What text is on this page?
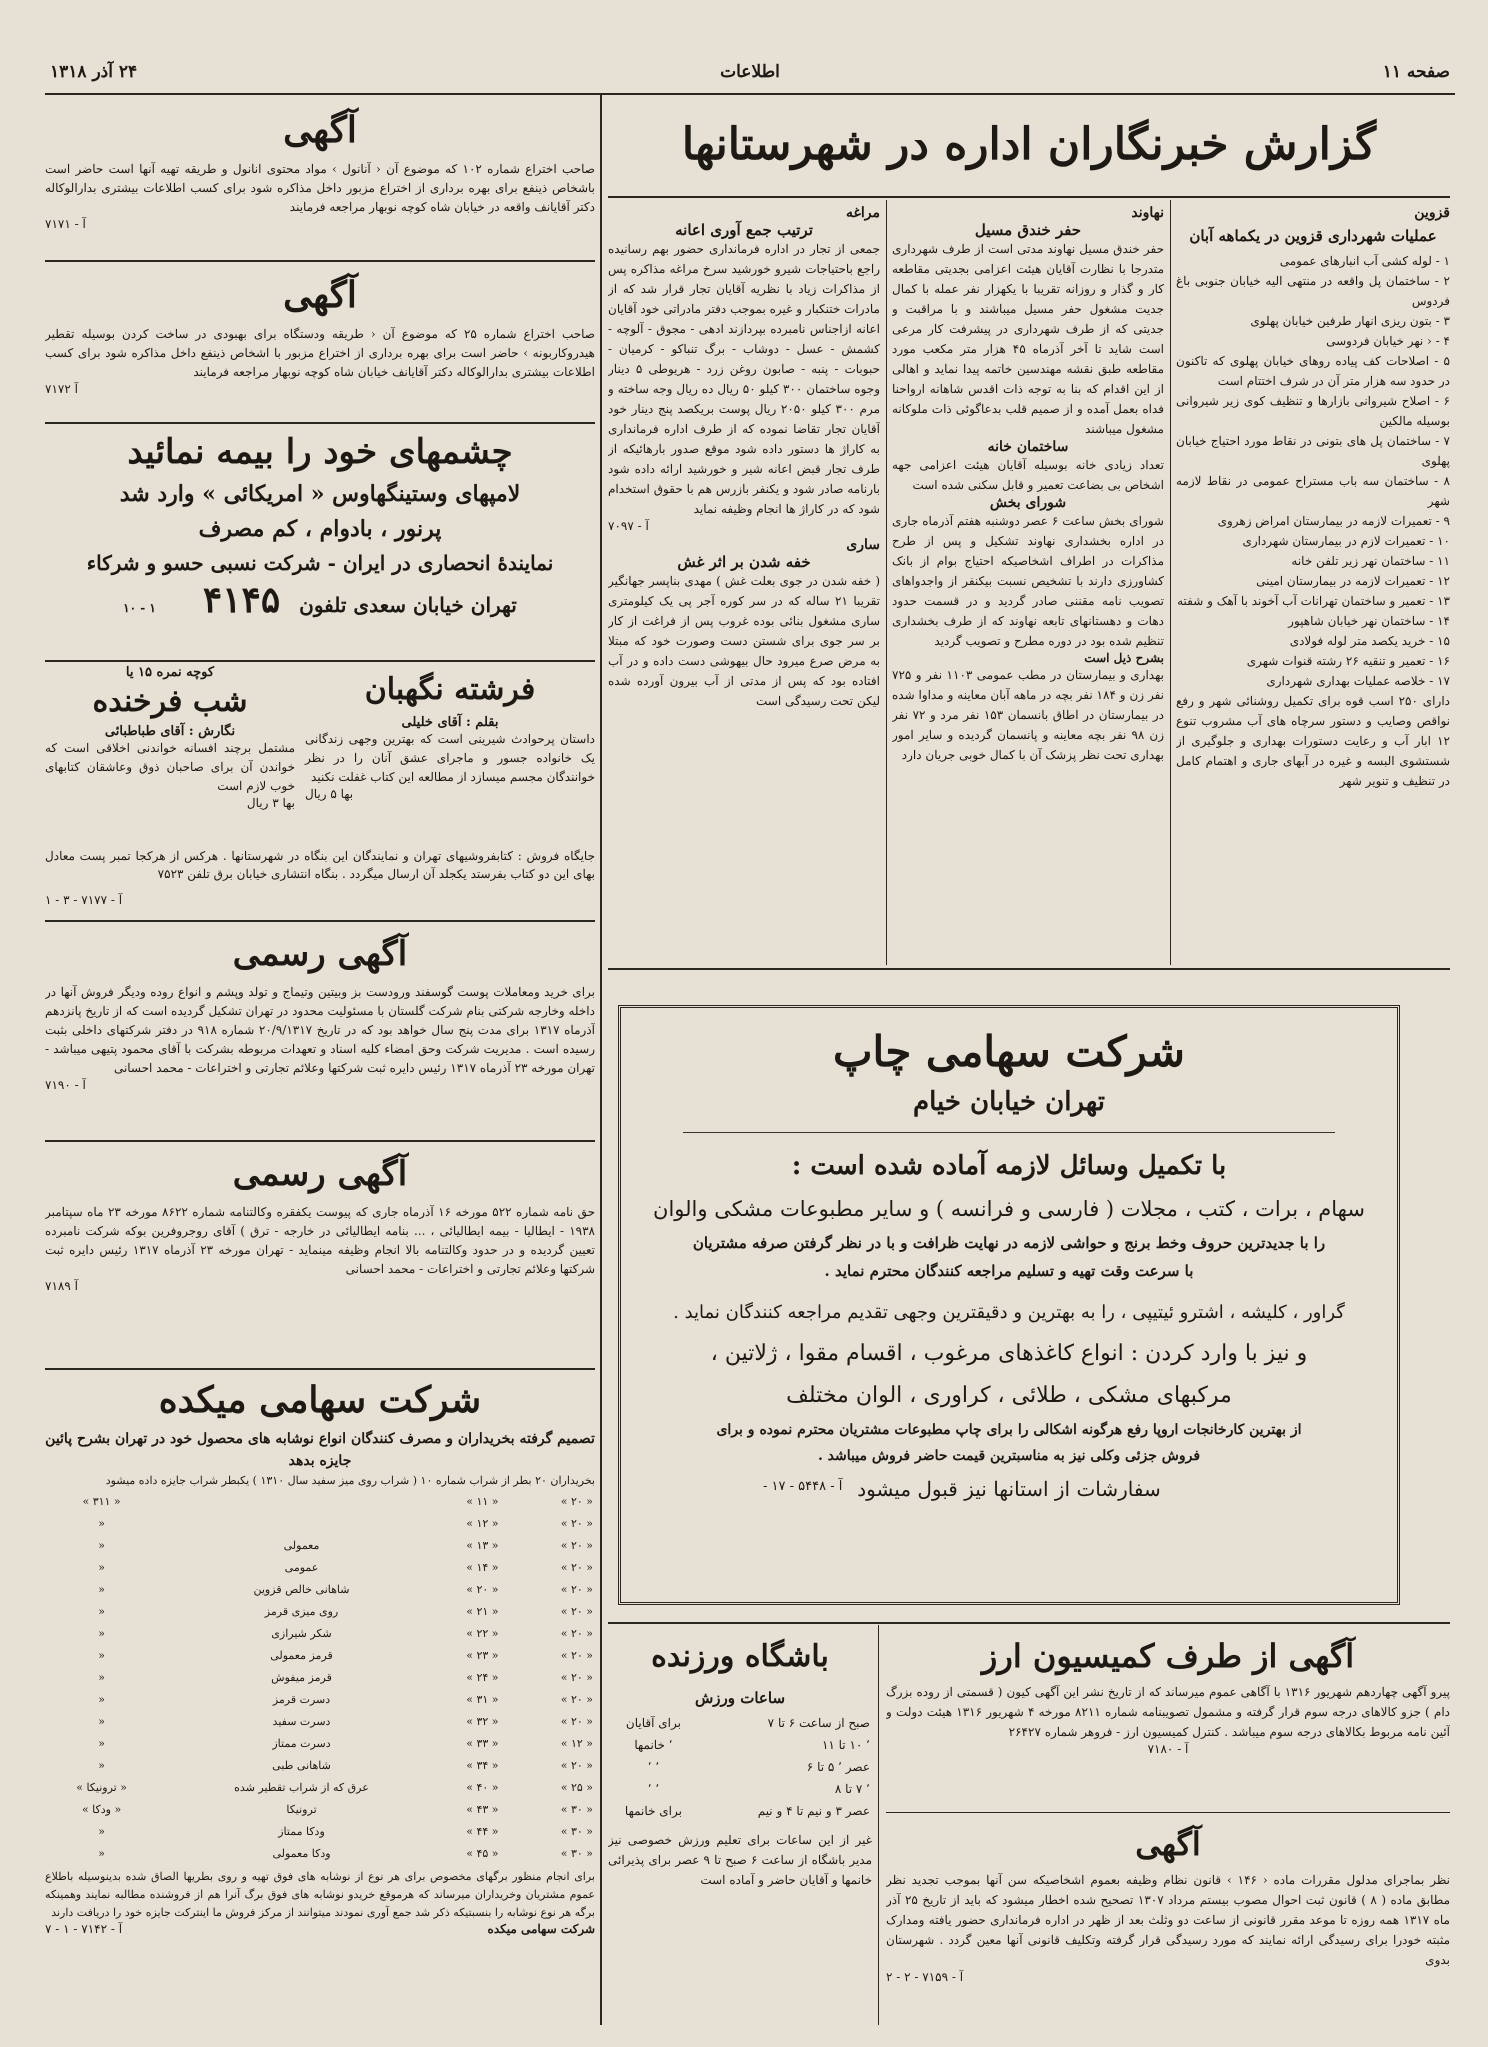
صفحه ۱۱
اطلاعات
۲۴ آذر ۱۳۱۸
گزارش خبرنگاران اداره در شهرستانها
قزوین
عملیات شهرداری قزوین در یکماهه آبان
۱ - لوله کشی آب انبارهای عمومی
۲ - ساختمان پل واقعه در منتهی الیه خیابان جنوبی باغ فردوس
۳ - بتون ریزی انهار طرفین خیابان پهلوی
۴ - ‹ نهر خیابان فردوسی
۵ - اصلاحات کف پیاده روهای خیابان پهلوی که تاکنون در حدود سه هزار متر آن در شرف اختتام است
۶ - اصلاح شیروانی بازارها و تنظیف کوی زیر شیروانی بوسیله مالکین
۷ - ساختمان پل های بتونی در نقاط مورد احتیاج خیابان پهلوی
۸ - ساختمان سه باب مستراح عمومی در نقاط لازمه شهر
۹ - تعمیرات لازمه در بیمارستان امراض زهروی
۱۰ - تعمیرات لازم در بیمارستان شهرداری
۱۱ - ساختمان نهر زیر تلفن خانه
۱۲ - تعمیرات لازمه در بیمارستان امینی
۱۳ - تعمیر و ساختمان تهرانات آب آخوند با آهک و شفته
۱۴ - ساختمان نهر خیابان شاهپور
۱۵ - خرید یکصد متر لوله فولادی
۱۶ - تعمیر و تنقیه ۲۶ رشته قنوات شهری
۱۷ - خلاصه عملیات بهداری شهرداری
دارای ۲۵۰ اسب قوه برای تکمیل روشنائی شهر و رفع نواقص وصایب و دستور سرچاه های آب مشروب تنوع ۱۲ ابار آب و رعایت دستورات بهداری و جلوگیری از شستشوی البسه و غیره در آبهای جاری و اهتمام کامل در تنظیف و تنویر شهر
نهاوند
حفر خندق مسیل
حفر خندق مسیل نهاوند مدتی است از طرف شهرداری متدرجا با نظارت آقایان هیئت اعزامی بجدیتی مقاطعه کار و گذار و روزانه تقریبا با یکهزار نفر عمله با کمال جدیت مشغول حفر مسیل میباشند و با مراقبت و جدیتی که از طرف شهرداری در پیشرفت کار مرعی است شاید تا آخر آذرماه ۴۵ هزار متر مکعب مورد مقاطعه طبق نقشه مهندسین خاتمه پیدا نماید و اهالی از این اقدام که بنا به توجه ذات اقدس شاهانه ارواحنا فداه بعمل آمده و از صمیم قلب بدعاگوئی ذات ملوکانه مشغول میباشند
ساختمان خانه
تعداد زیادی خانه بوسیله آقایان هیئت اعزامی جهه اشخاص بی بضاعت تعمیر و قابل سکنی شده است
شورای بخش
شورای بخش ساعت ۶ عصر دوشنبه هفتم آذرماه جاری در اداره بخشداری نهاوند تشکیل و پس از طرح مذاکرات در اطراف اشخاصیکه احتیاج بوام از بانک کشاورزی دارند با تشخیص نسبت بیکنفر از واجدواهای تصویب نامه مقننی صادر گردید و در قسمت حدود دهات و دهستانهای تابعه نهاوند که از طرف بخشداری تنظیم شده بود در دوره مطرح و تصویب گردید
بشرح ذیل است
بهداری و بیمارستان در مطب عمومی ۱۱۰۳ نفر و ۷۲۵ نفر زن و ۱۸۴ نفر بچه در ماهه آبان معاینه و مداوا شده در بیمارستان در اطاق بانسمان ۱۵۳ نفر مرد و ۷۲ نفر زن ۹۸ نفر بچه معاینه و پانسمان گردیده و سایر امور بهداری تحت نظر پزشک آن با کمال خوبی جریان دارد
مراغه
ترتیب جمع آوری اعانه
جمعی از تجار در اداره فرمانداری حضور بهم رسانیده راجع باحتیاجات شیرو خورشید سرخ مراغه مذاکره پس از مذاکرات زیاد با نظریه آقایان تجار قرار شد که از مادرات ختنکبار و غیره بموجب دفتر مادراتی خود آقایان اعانه ازاجناس نامبرده بپردازند ادهی - مجوق - آلوچه - کشمش - عسل - دوشاب - برگ تنباکو - کرمیان - حبوبات - پنبه - صابون روغن زرد - هریوطی ۵ دینار وجوه ساختمان ۳۰۰ کیلو ۵۰ ریال ده ریال وجه ساخته و مرم ۳۰۰ کیلو ۲۰۵۰ ریال پوست بریکصد پنج دینار خود آقایان تجار تقاضا نموده که از طرف اداره فرمانداری به کاراژ ها دستور داده شود موقع صدور بارهائیکه از طرف تجار قبض اعانه شیر و خورشید ارائه داده شود بارنامه صادر شود و یکنفر بازرس هم با حقوق استخدام شود که در کاراژ ها انجام وظیفه نماید
آ - ۷۰۹۷
ساری
خفه شدن بر اثر غش
( خفه شدن در جوی بعلت غش ) مهدی بناپسر جهانگیر تقریبا ۲۱ ساله که در سر کوره آجر پی یک کیلومتری ساری مشغول بنائی بوده غروب پس از فراغت از کار بر سر جوی برای شستن دست وصورت خود که مبتلا به مرض صرع میرود حال بیهوشی دست داده و در آب افتاده بود که پس از مدتی از آب بیرون آورده شده لیکن تحت رسیدگی است
شرکت سهامی چاپ
تهران خیابان خیام
با تکمیل وسائل لازمه آماده شده است :
سهام ، برات ، کتب ، مجلات ( فارسی و فرانسه ) و سایر مطبوعات مشکی والوان
را با جدیدترین حروف وخط برنج و حواشی لازمه در نهایت ظرافت و با در نظر گرفتن صرفه مشتریان
با سرعت وقت تهیه و تسلیم مراجعه کنندگان محترم نماید .
گراور ، کلیشه ، اشترو ئیتیپی ، را به بهترین و دقیقترین وجهی تقدیم مراجعه کنندگان نماید .
و نیز با وارد کردن : انواع کاغذهای مرغوب ، اقسام مقوا ، ژلاتین ،
مرکبهای مشکی ، طلائی ، کراوری ، الوان مختلف
از بهترین کارخانجات اروپا رفع هرگونه اشکالی را برای چاپ مطبوعات مشتریان محترم نموده و برای
فروش جزئی وکلی نیز به مناسبترین قیمت حاضر فروش میباشد .
سفارشات از استانها نیز قبول میشود
آ - ۵۴۴۸ - ۱۷ -
آگهی از طرف کمیسیون ارز
پیرو آگهی چهاردهم شهریور ۱۳۱۶ با آگاهی عموم میرساند که از تاریخ نشر این آگهی کیون ( قسمتی از روده بزرگ دام ) جزو کالاهای درجه سوم قرار گرفته و مشمول تصویبنامه شماره ۸۲۱۱ مورخه ۴ شهریور ۱۳۱۶ هیئت دولت و آئین نامه مربوط بکالاهای درجه سوم میباشد . کنترل کمیسیون ارز - فروهر شماره ۲۶۴۲۷
آ - ۷۱۸۰
آگهی
نظر بماجرای مدلول مقررات ماده ‹ ۱۴۶ › قانون نظام وظیفه بعموم اشخاصیکه سن آنها بموجب تجدید نظر مطابق ماده ( ۸ ) قانون ثبت احوال مصوب بیستم مرداد ۱۳۰۷ تصحیح شده اخطار میشود که باید از تاریخ ۲۵ آذر ماه ۱۳۱۷ همه روزه تا موعد مقرر قانونی از ساعت دو وثلث بعد از ظهر در اداره فرمانداری حضور یافته ومدارک مثبته خودرا برای رسیدگی ارائه نمایند که مورد رسیدگی قرار گرفته وتکلیف قانونی آنها معین گردد . شهرستان بدوی
آ - ۷۱۵۹ - ۲ - ۲
باشگاه ورزنده
ساعات ورزش
صبح از ساعت ۶ تا ۷	برای آقایان
٬ ۱۰ تا ۱۱	٬ خانمها
عصر ٬ ۵ تا ۶	٬ ٬
٬ ۷ تا ۸	٬ ٬
عصر ۳ و نیم تا ۴ و نیم	برای خانمها
غیر از این ساعات برای تعلیم ورزش خصوصی نیز مدیر باشگاه از ساعت ۶ صبح تا ۹ عصر برای پذیرائی خانمها و آقایان حاضر و آماده است
آگهی
صاحب اختراع شماره ۱۰۲ که موضوع آن ‹ آنانول › مواد محتوی انانول و طریقه تهیه آنها است حاضر است باشخاص ذینفع برای بهره برداری از اختراع مزبور داخل مذاکره شود برای کسب اطلاعات بیشتری بدارالوکاله دکتر آقایانف واقعه در خیابان شاه کوچه نوبهار مراجعه فرمایند
آ - ۷۱۷۱
آگهی
صاحب اختراع شماره ۲۵ که موضوع آن ‹ طریقه ودستگاه برای بهبودی در ساخت کردن بوسیله تقطیر هیدروکاربونه › حاضر است برای بهره برداری از اختراع مزبور با اشخاص ذینفع داخل مذاکره شود برای کسب اطلاعات بیشتری بدارالوکاله دکتر آقایانف خیابان شاه کوچه نوبهار مراجعه فرمایند
آ ۷۱۷۲
چشمهای خود را بیمه نمائید
لامپهای وستینگهاوس « امریکائی » وارد شد
پرنور ، بادوام ، کم مصرف
نمایندۀ انحصاری در ایران - شرکت نسبی حسو و شرکاء
تهران خیابان سعدی تلفون ۴۱۴۵ ۱ - ۱۰
فرشته نگهبان
بقلم : آقای خلیلی
داستان پرحوادث شیرینی است که بهترین وجهی زندگانی یک خانواده جسور و ماجرای عشق آنان را در نظر خوانندگان مجسم میسازد از مطالعه این کتاب غفلت نکنید
بها ۵ ریال
کوچه نمره ۱۵ یا
شب فرخنده
نگارش : آقای طباطبائی
مشتمل برچند افسانه خواندنی اخلاقی است که خواندن آن برای صاحبان ذوق وعاشقان کتابهای خوب لازم است
بها ۳ ریال
جایگاه فروش : کتابفروشیهای تهران و نمایندگان این بنگاه در شهرستانها . هرکس از هرکجا تمبر پست معادل بهای این دو کتاب بفرستد یکجلد آن ارسال میگردد . بنگاه انتشاری خیابان برق تلفن ۷۵۲۳
آ - ۷۱۷۷ - ۳ - ۱
آگهی رسمی
برای خرید ومعاملات پوست گوسفند ورودست بز وبیتین وتیماج و تولد وپشم و انواع روده ودیگر فروش آنها در داخله وخارجه شرکتی بنام شرکت گلستان با مسئولیت محدود در تهران تشکیل گردیده است که از تاریخ پانزدهم آذرماه ۱۳۱۷ برای مدت پنج سال خواهد بود که در تاریخ ۲۰/۹/۱۳۱۷ شماره ۹۱۸ در دفتر شرکتهای داخلی بثبت رسیده است . مدیریت شرکت وحق امضاء کلیه اسناد و تعهدات مربوطه بشرکت با آقای محمود پتیهی میباشد - تهران مورخه ۲۳ آذرماه ۱۳۱۷ رئیس دایره ثبت شرکتها وعلائم تجارتی و اختراعات - محمد احسانی
آ - ۷۱۹۰
آگهی رسمی
حق نامه شماره ۵۲۲ مورخه ۱۶ آذرماه جاری که پیوست یکفقره وکالتنامه شماره ۸۶۲۲ مورخه ۲۳ ماه سپتامبر ۱۹۳۸ - ایطالیا - بیمه ایطالیائی ، ... بنامه ایطالیائی در خارجه - ترق ) آقای روجروفرین بوکه شرکت نامبرده تعیین گردیده و در حدود وکالتنامه بالا انجام وظیفه مینماید - تهران مورخه ۲۳ آذرماه ۱۳۱۷ رئیس دایره ثبت شرکتها وعلائم تجارتی و اختراعات - محمد احسانی
آ ۷۱۸۹
شرکت سهامی میکده
تصمیم گرفته بخریداران و مصرف کنندگان انواع نوشابه های محصول خود در تهران بشرح پائین جایزه بدهد
بخریداران ۲۰ بطر از شراب شماره ۱۰ ( شراب روی میز سفید سال ۱۳۱۰ ) یکبطر شراب جایزه داده میشود
« ۲۰ »	« ۱۱ »		« ۳۱۱ »
« ۲۰ »	« ۱۲ »		«
« ۲۰ »	« ۱۳ »	معمولی	«
« ۲۰ »	« ۱۴ »	عمومی	«
« ۲۰ »	« ۲۰ »	شاهانی خالص قزوین	«
« ۲۰ »	« ۲۱ »	روی میزی قرمز	«
« ۲۰ »	« ۲۲ »	شکر شیرازی	«
« ۲۰ »	« ۲۳ »	قرمز معمولی	«
« ۲۰ »	« ۲۴ »	قرمز میفوش	«
« ۲۰ »	« ۳۱ »	دسرت قرمز	«
« ۲۰ »	« ۳۲ »	دسرت سفید	«
« ۱۲ »	« ۳۳ »	دسرت ممتاز	«
« ۲۰ »	« ۳۴ »	شاهانی طبی	«
« ۲۵ »	« ۴۰ »	عرق که از شراب تقطیر شده	« ترونیکا »
« ۳۰ »	« ۴۳ »	ترونیکا	« ودکا »
« ۳۰ »	« ۴۴ »	ودکا ممتاز	«
« ۳۰ »	« ۴۵ »	ودکا معمولی	«
برای انجام منظور برگهای مخصوص برای هر نوع از نوشابه های فوق تهیه و روی بطریها الصاق شده بدینوسیله باطلاع عموم مشتریان وخریداران میرساند که هرموقع خریدو نوشابه های فوق برگ آنرا هم از فروشنده مطالبه نمایند وهمینکه برگه هر نوع نوشابه را بنسبتیکه ذکر شد جمع آوری نمودند میتوانند از مرکز فروش ما اینترکت جایزه خود را دریافت دارند
شرکت سهامی میکده
آ - ۷۱۴۲ - ۱ - ۷
